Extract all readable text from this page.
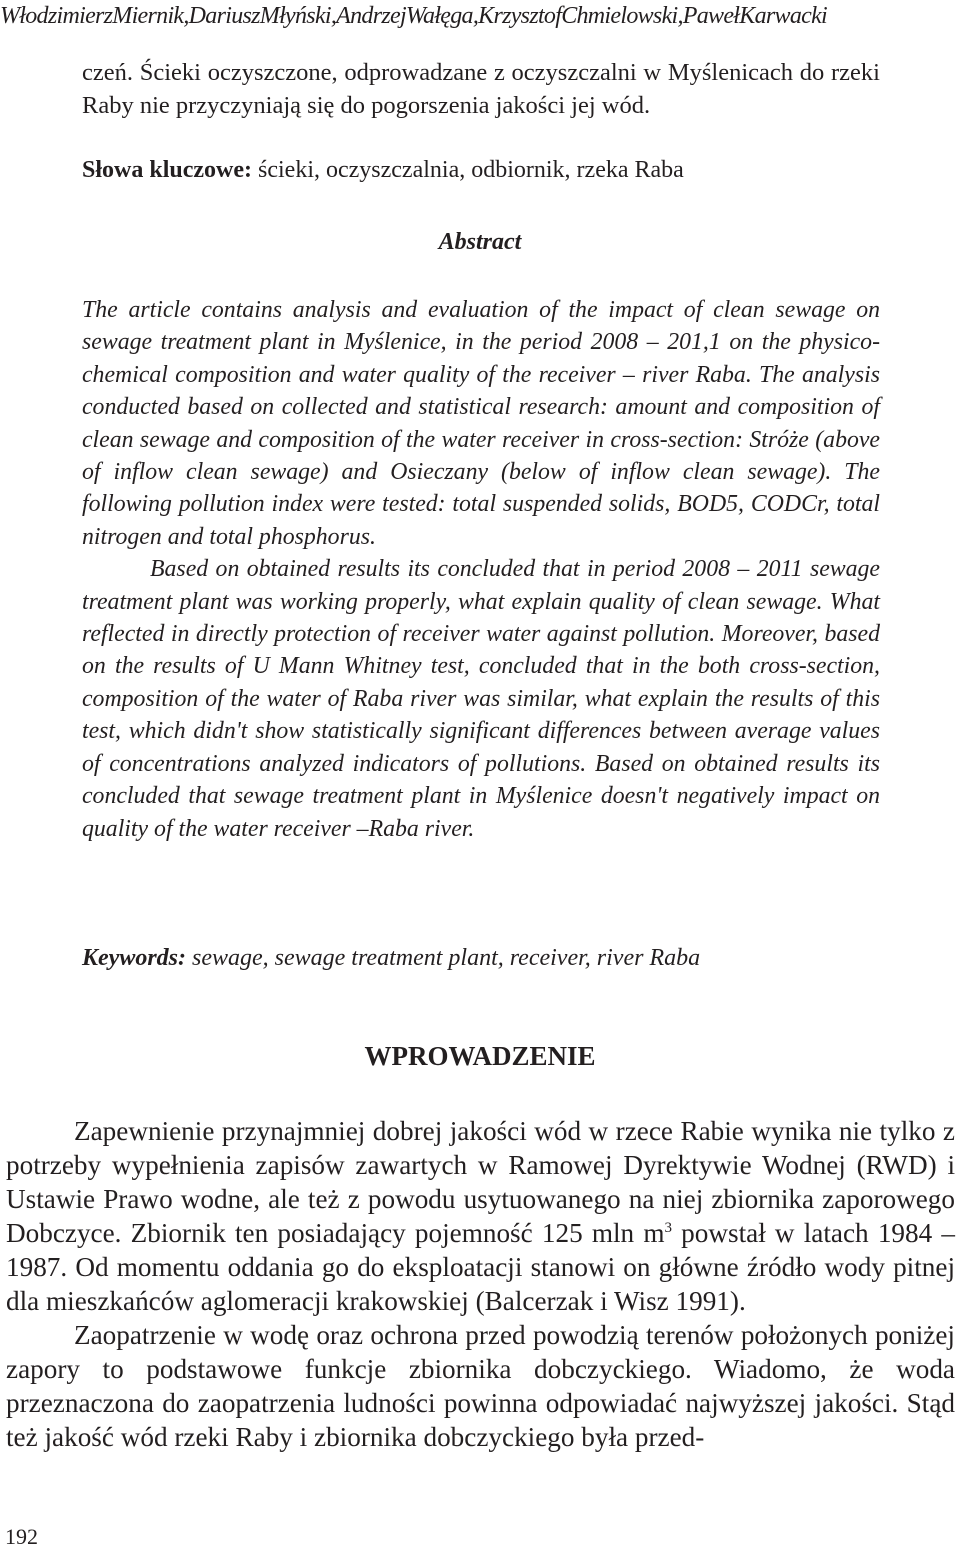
WłodzimierzMiernik,DariuszMłyński,AndrzejWałęga,KrzysztofChmielowski,PawełKarwacki
czeń. Ścieki oczyszczone, odprowadzane z oczyszczalni w Myślenicach do rzeki Raby nie przyczyniają się do pogorszenia jakości jej wód.
Słowa kluczowe: ścieki, oczyszczalnia, odbiornik, rzeka Raba
Abstract

The article contains analysis and evaluation of the impact of clean sewage on sewage treatment plant in Myślenice, in the period 2008 – 201,1 on the physico-chemical composition and water quality of the receiver – river Raba. The analysis conducted based on collected and statistical research: amount and composition of clean sewage and composition of the water receiver in cross-section: Stróże (above of inflow clean sewage) and Osieczany (below of inflow clean sewage). The following pollution index were tested: total suspended solids, BOD5, CODCr, total nitrogen and total phosphorus.

Based on obtained results its concluded that in period 2008 – 2011 sewage treatment plant was working properly, what explain quality of clean sewage. What reflected in directly protection of receiver water against pollution. Moreover, based on the results of U Mann Whitney test, concluded that in the both cross-section, composition of the water of Raba river was similar, what explain the results of this test, which didn't show statistically significant differences between average values of concentrations analyzed indicators of pollutions. Based on obtained results its concluded that sewage treatment plant in Myślenice doesn't negatively impact on quality of the water receiver –Raba river.

Keywords: sewage, sewage treatment plant, receiver, river Raba
WPROWADZENIE

Zapewnienie przynajmniej dobrej jakości wód w rzece Rabie wynika nie tylko z potrzeby wypełnienia zapisów zawartych w Ramowej Dyrektywie Wodnej (RWD) i Ustawie Prawo wodne, ale też z powodu usytuowanego na niej zbiornika zaporowego Dobczyce. Zbiornik ten posiadający pojemność 125 mln $m^3$ powstał w latach 1984 – 1987. Od momentu oddania go do eksploatacji stanowi on główne źródło wody pitnej dla mieszkańców aglomeracji krakowskiej (Balcerzak i Wisz 1991).

Zaopatrzenie w wodę oraz ochrona przed powodzią terenów położonych poniżej zapory to podstawowe funkcje zbiornika dobczyckiego. Wiadomo, że woda przeznaczona do zaopatrzenia ludności powinna odpowiadać najwyższej jakości. Stąd też jakość wód rzeki Raby i zbiornika dobczyckiego była przed-

192
